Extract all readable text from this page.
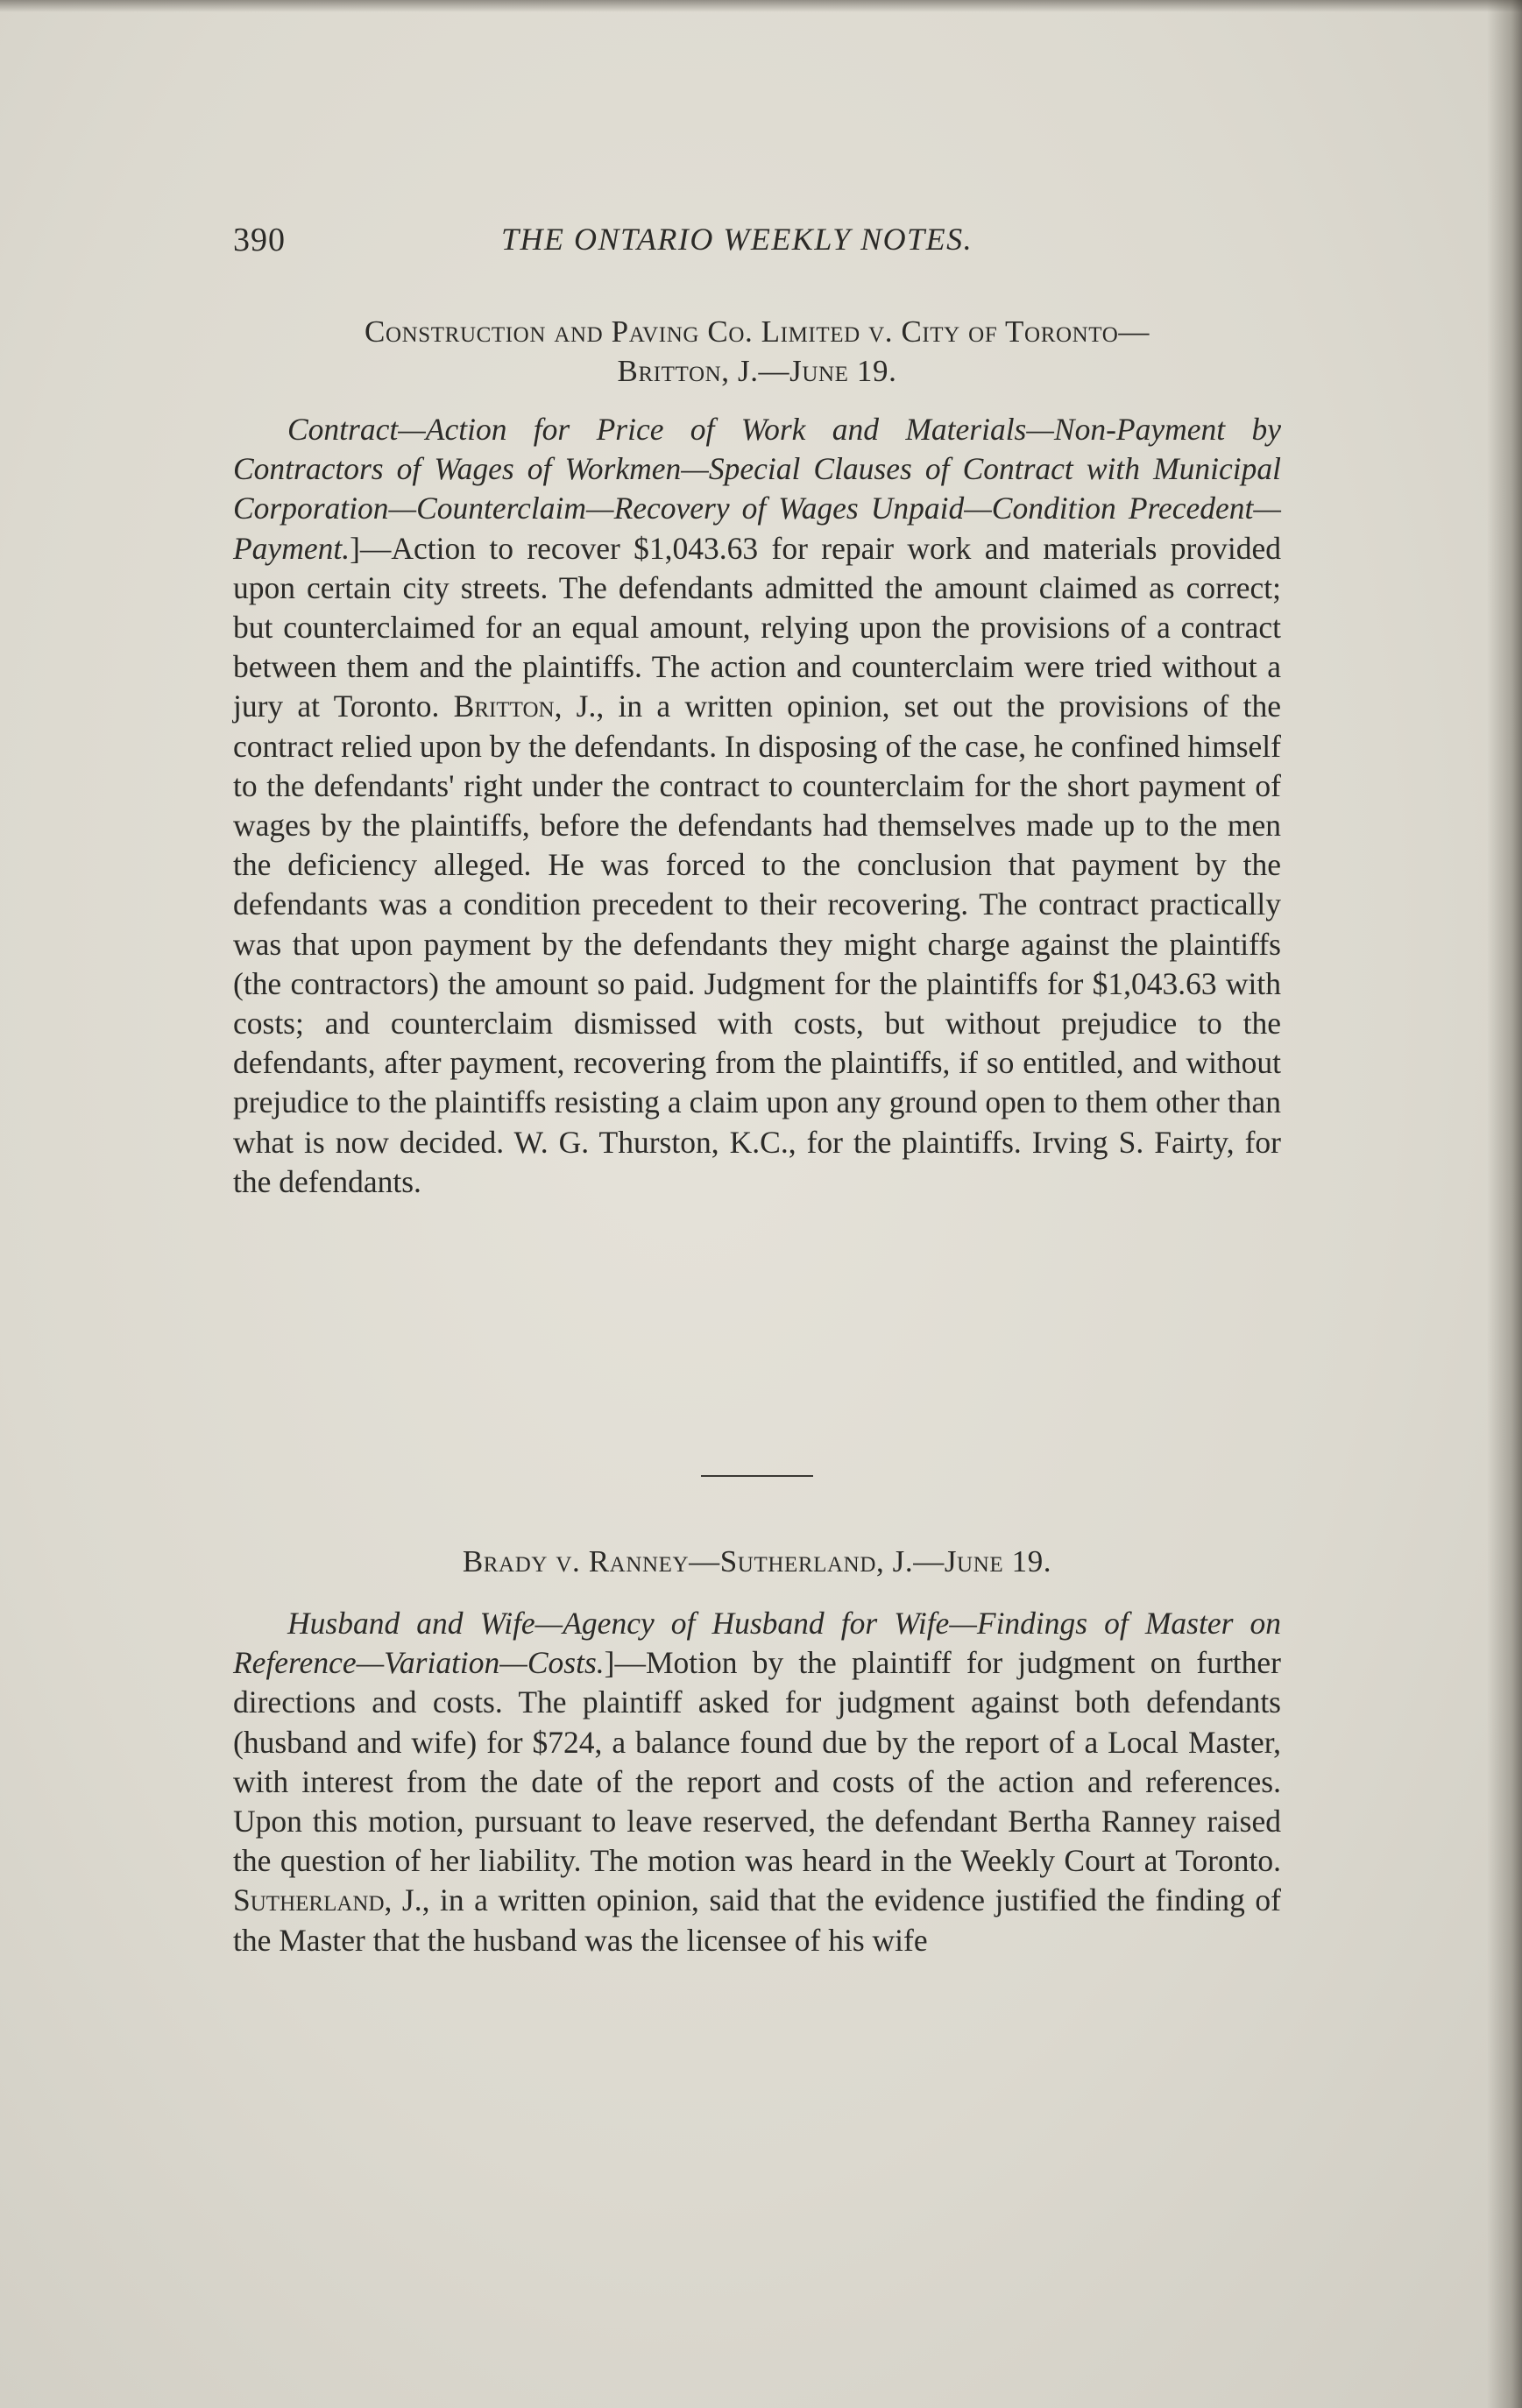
390	THE ONTARIO WEEKLY NOTES.

Construction and Paving Co. Limited v. City of Toronto—
Britton, J.—June 19.

Contract—Action for Price of Work and Materials—Non-Payment by Contractors of Wages of Workmen—Special Clauses of Contract with Municipal Corporation—Counterclaim—Recovery of Wages Unpaid—Condition Precedent—Payment.]—Action to recover $1,043.63 for repair work and materials provided upon certain city streets. The defendants admitted the amount claimed as correct; but counterclaimed for an equal amount, relying upon the provisions of a contract between them and the plaintiffs. The action and counterclaim were tried without a jury at Toronto. Britton, J., in a written opinion, set out the provisions of the contract relied upon by the defendants. In disposing of the case, he confined himself to the defendants' right under the contract to counterclaim for the short payment of wages by the plaintiffs, before the defendants had themselves made up to the men the deficiency alleged. He was forced to the conclusion that payment by the defendants was a condition precedent to their recovering. The contract practically was that upon payment by the defendants they might charge against the plaintiffs (the contractors) the amount so paid. Judgment for the plaintiffs for $1,043.63 with costs; and counterclaim dismissed with costs, but without prejudice to the defendants, after payment, recovering from the plaintiffs, if so entitled, and without prejudice to the plaintiffs resisting a claim upon any ground open to them other than what is now decided. W. G. Thurston, K.C., for the plaintiffs. Irving S. Fairty, for the defendants.

Brady v. Ranney—Sutherland, J.—June 19.

Husband and Wife—Agency of Husband for Wife—Findings of Master on Reference—Variation—Costs.]—Motion by the plaintiff for judgment on further directions and costs. The plaintiff asked for judgment against both defendants (husband and wife) for $724, a balance found due by the report of a Local Master, with interest from the date of the report and costs of the action and references. Upon this motion, pursuant to leave reserved, the defendant Bertha Ranney raised the question of her liability. The motion was heard in the Weekly Court at Toronto. Sutherland, J., in a written opinion, said that the evidence justified the finding of the Master that the husband was the licensee of his wife
